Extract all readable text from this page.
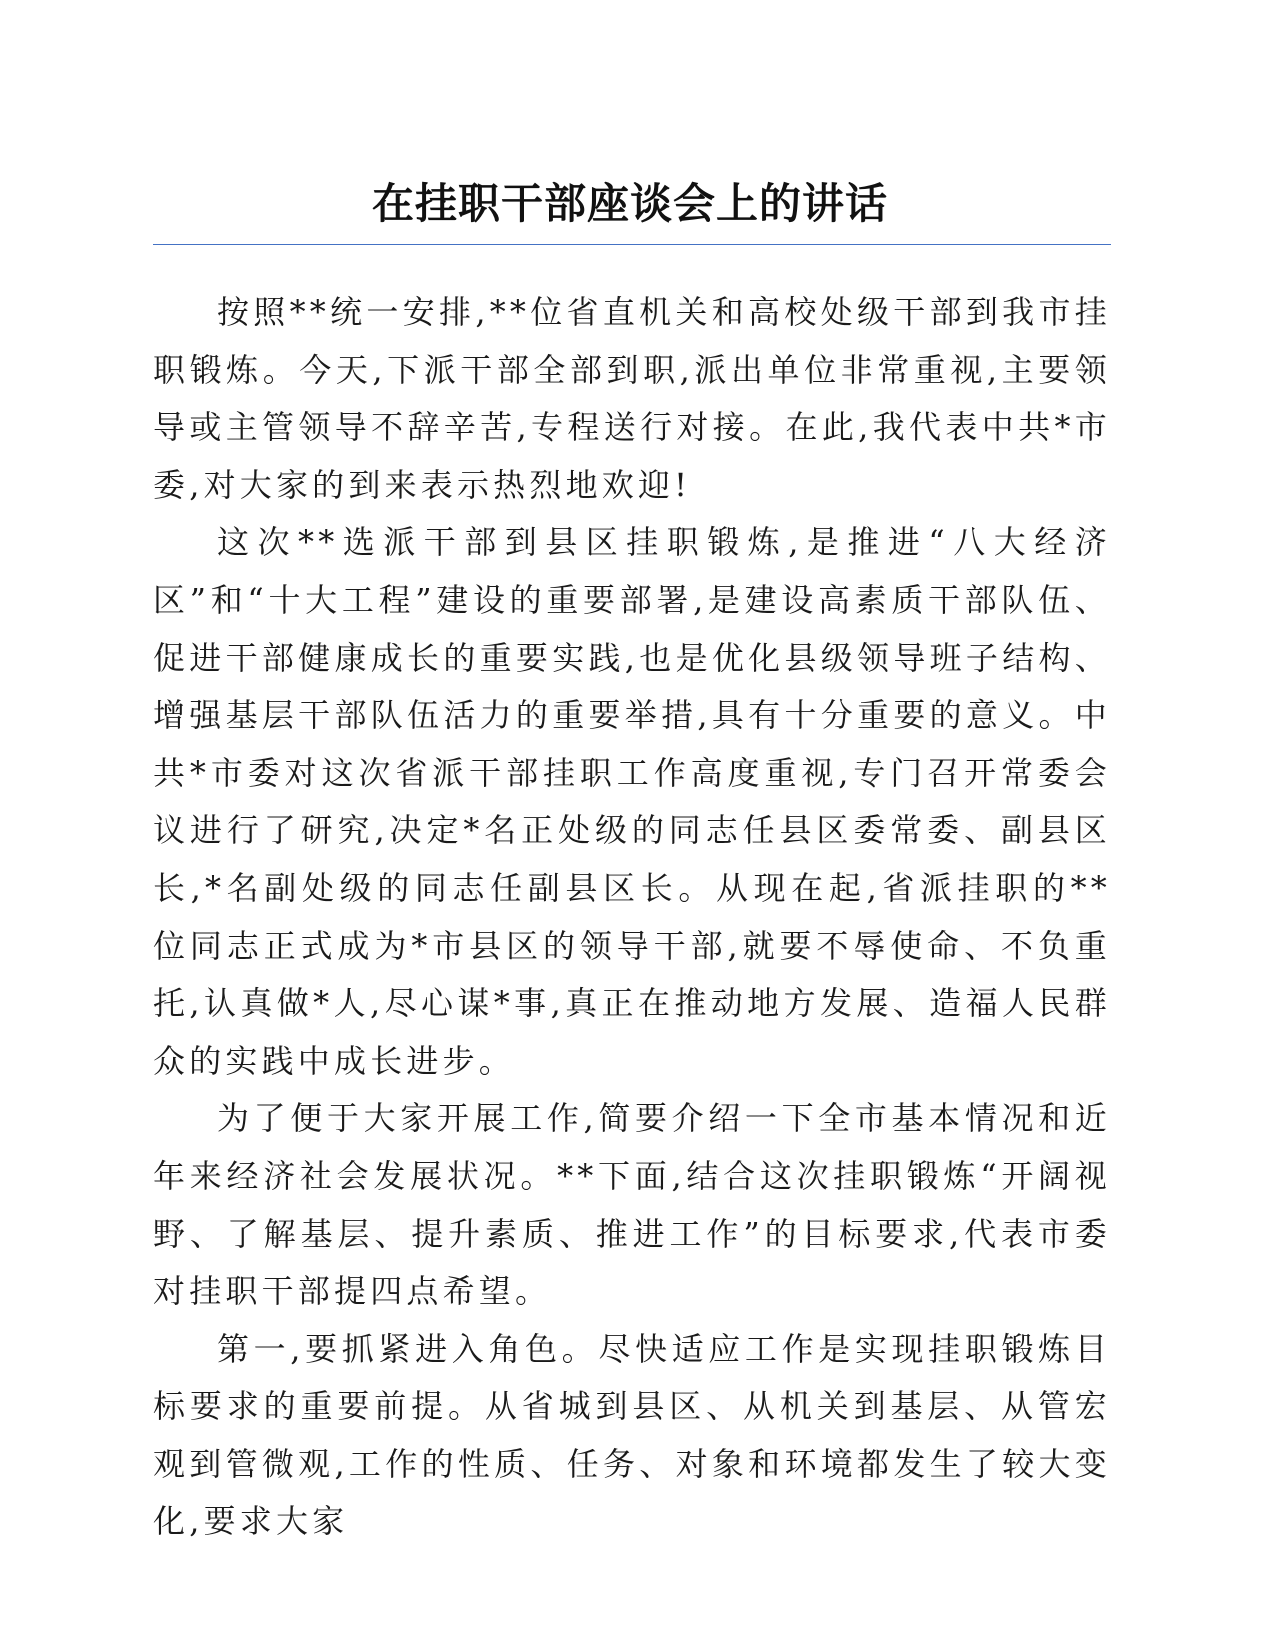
在挂职干部座谈会上的讲话

按照**统一安排,**位省直机关和高校处级干部到我市挂职锻炼。今天,下派干部全部到职,派出单位非常重视,主要领导或主管领导不辞辛苦,专程送行对接。在此,我代表中共*市委,对大家的到来表示热烈地欢迎!

这次**选派干部到县区挂职锻炼,是推进“八大经济区”和“十大工程”建设的重要部署,是建设高素质干部队伍、促进干部健康成长的重要实践,也是优化县级领导班子结构、增强基层干部队伍活力的重要举措,具有十分重要的意义。中共*市委对这次省派干部挂职工作高度重视,专门召开常委会议进行了研究,决定*名正处级的同志任县区委常委、副县区长,*名副处级的同志任副县区长。从现在起,省派挂职的**位同志正式成为*市县区的领导干部,就要不辱使命、不负重托,认真做*人,尽心谋*事,真正在推动地方发展、造福人民群众的实践中成长进步。

为了便于大家开展工作,简要介绍一下全市基本情况和近年来经济社会发展状况。**下面,结合这次挂职锻炼“开阔视野、了解基层、提升素质、推进工作”的目标要求,代表市委对挂职干部提四点希望。

第一,要抓紧进入角色。尽快适应工作是实现挂职锻炼目标要求的重要前提。从省城到县区、从机关到基层、从管宏观到管微观,工作的性质、任务、对象和环境都发生了较大变化,要求大家
